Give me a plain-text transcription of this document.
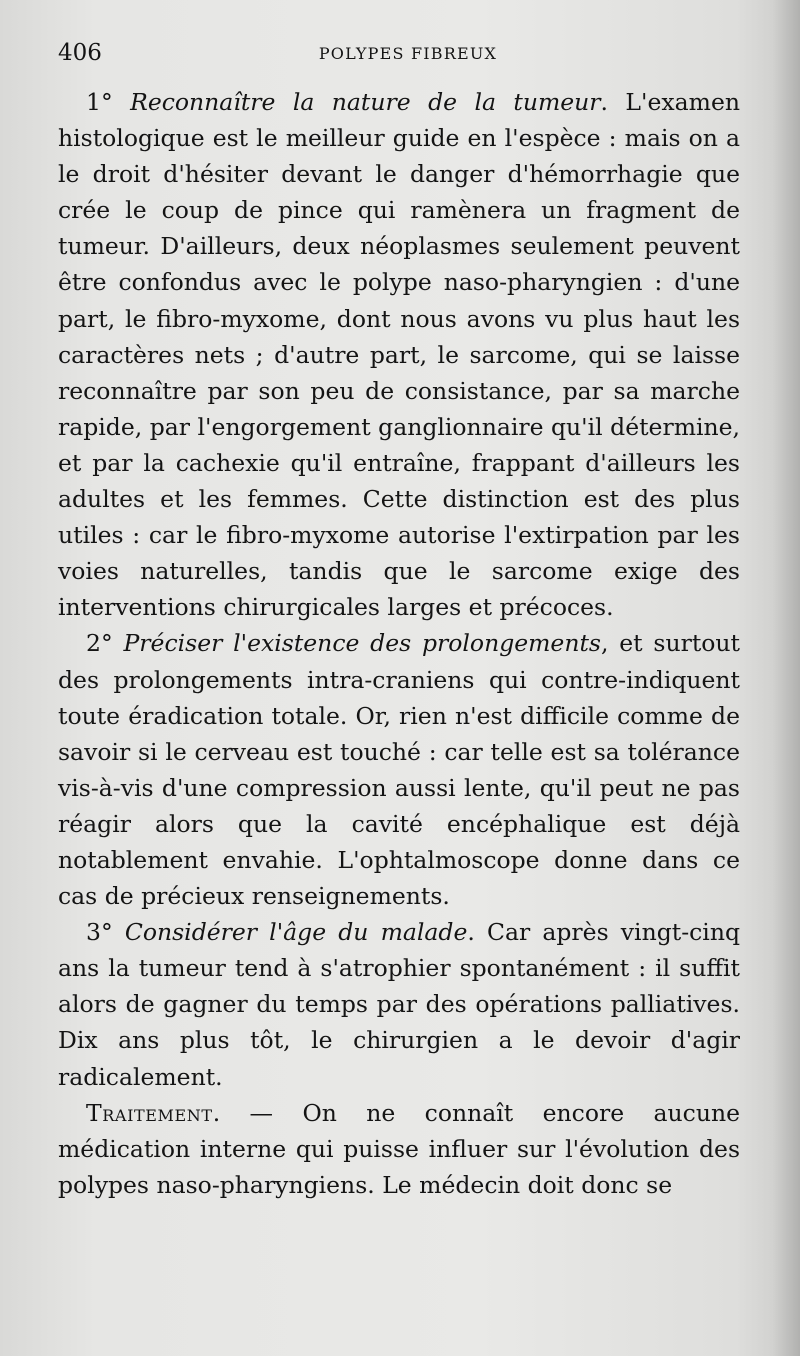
406	POLYPES FIBREUX

1° Reconnaître la nature de la tumeur. L'examen histologique est le meilleur guide en l'espèce : mais on a le droit d'hésiter devant le danger d'hémorrhagie que crée le coup de pince qui ramènera un fragment de tumeur. D'ailleurs, deux néoplasmes seulement peuvent être confondus avec le polype naso-pharyngien : d'une part, le fibro-myxome, dont nous avons vu plus haut les caractères nets ; d'autre part, le sarcome, qui se laisse reconnaître par son peu de consistance, par sa marche rapide, par l'engorgement ganglionnaire qu'il détermine, et par la cachexie qu'il entraîne, frappant d'ailleurs les adultes et les femmes. Cette distinction est des plus utiles : car le fibro-myxome autorise l'extirpation par les voies naturelles, tandis que le sarcome exige des interventions chirurgicales larges et précoces.

2° Préciser l'existence des prolongements, et surtout des prolongements intra-craniens qui contre-indiquent toute éradication totale. Or, rien n'est difficile comme de savoir si le cerveau est touché : car telle est sa tolérance vis-à-vis d'une compression aussi lente, qu'il peut ne pas réagir alors que la cavité encéphalique est déjà notablement envahie. L'ophtalmoscope donne dans ce cas de précieux renseignements.

3° Considérer l'âge du malade. Car après vingt-cinq ans la tumeur tend à s'atrophier spontanément : il suffit alors de gagner du temps par des opérations palliatives. Dix ans plus tôt, le chirurgien a le devoir d'agir radicalement.

Traitement. — On ne connaît encore aucune médication interne qui puisse influer sur l'évolution des polypes naso-pharyngiens. Le médecin doit donc se
